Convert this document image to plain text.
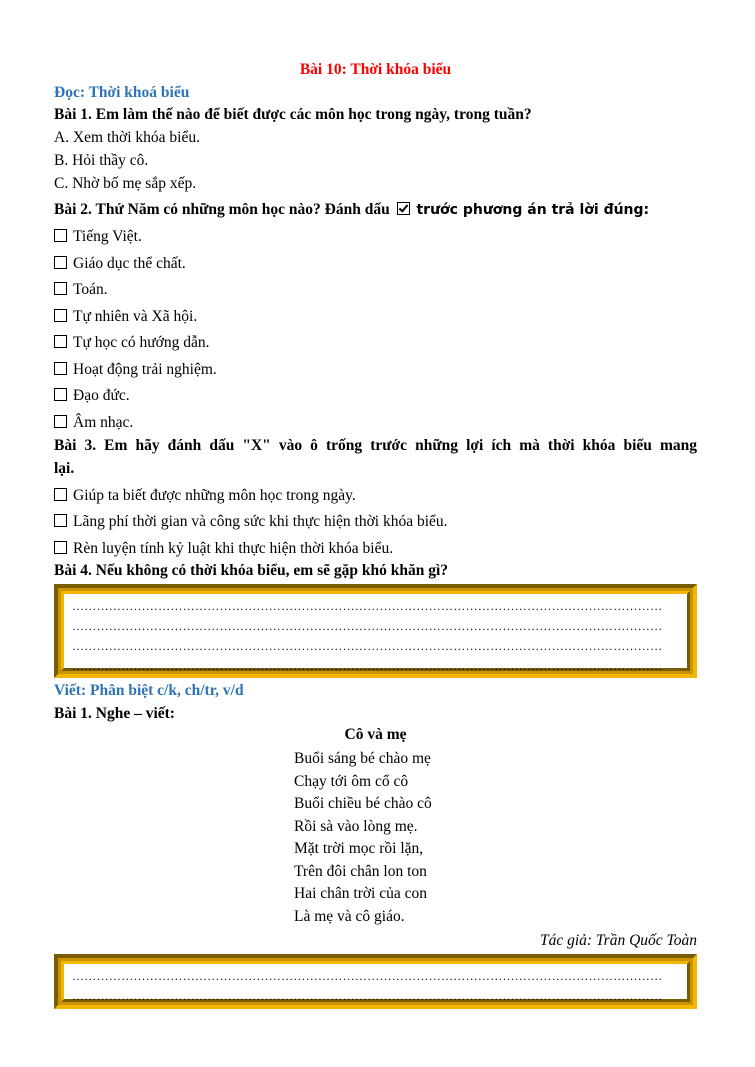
Bài 10: Thời khóa biểu
Đọc: Thời khoá biểu
Bài 1. Em làm thế nào để biết được các môn học trong ngày, trong tuần?
A. Xem thời khóa biểu.
B. Hỏi thầy cô.
C. Nhờ bố mẹ sắp xếp.
Bài 2. Thứ Năm có những môn học nào? Đánh dấu trước phương án trả lời đúng:
Tiếng Việt.
Giáo dục thể chất.
Toán.
Tự nhiên và Xã hội.
Tự học có hướng dẫn.
Hoạt động trải nghiệm.
Đạo đức.
Âm nhạc.
Bài 3. Em hãy đánh dấu "X" vào ô trống trước những lợi ích mà thời khóa biểu mang
lại.
Giúp ta biết được những môn học trong ngày.
Lãng phí thời gian và công sức khi thực hiện thời khóa biểu.
Rèn luyện tính kỷ luật khi thực hiện thời khóa biểu.
Bài 4. Nếu không có thời khóa biểu, em sẽ gặp khó khăn gì?
………………………………………………………………………………………………………………………………
………………………………………………………………………………………………………………………………
………………………………………………………………………………………………………………………………
………………………………………………………………………………………………………………………………
Viết: Phân biệt c/k, ch/tr, v/d
Bài 1. Nghe – viết:
Cô và mẹ
Buổi sáng bé chào mẹ
Chạy tới ôm cổ cô
Buổi chiều bé chào cô
Rồi sà vào lòng mẹ.
Mặt trời mọc rồi lặn,
Trên đôi chân lon ton
Hai chân trời của con
Là mẹ và cô giáo.
Tác giả: Trần Quốc Toàn
………………………………………………………………………………………………………………………………
………………………………………………………………………………………………………………………………
